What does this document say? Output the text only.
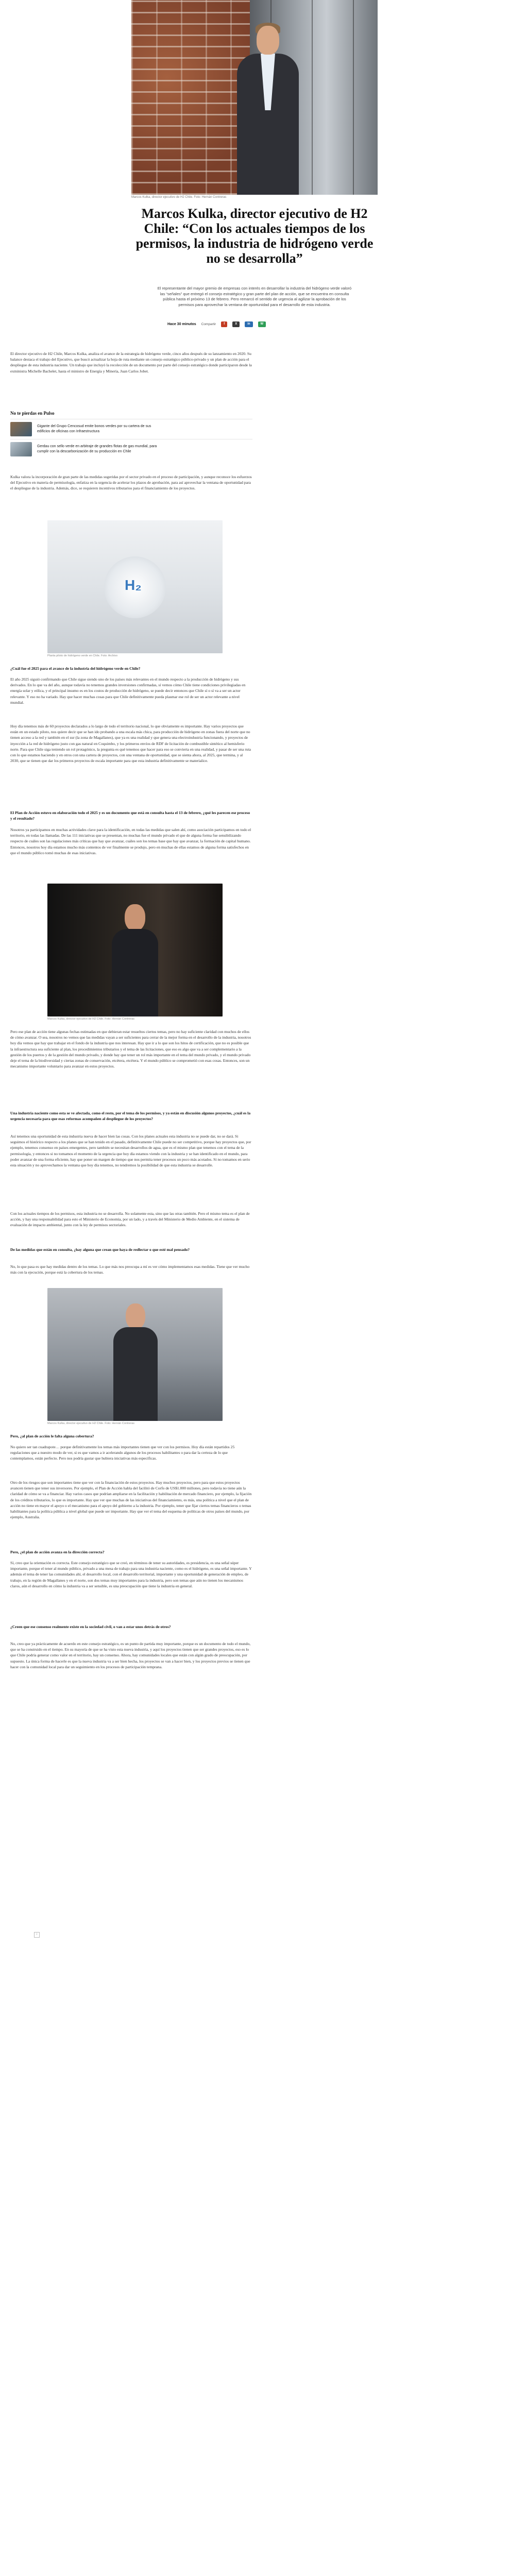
Marcos Kulka, director ejecutivo de H2 Chile. Foto: Hernán Contreras
Marcos Kulka, director ejecutivo de H2 Chile: “Con los actuales tiempos de los permisos, la industria de hidrógeno verde no se desarrolla”

El representante del mayor gremio de empresas con interés en desarrollar la industria del hidrógeno verde valoró las “señales” que entregó el consejo estratégico y gran parte del plan de acción, que se encuentra en consulta pública hasta el próximo 13 de febrero. Pero remarcó el sentido de urgencia al agilizar la aprobación de los permisos para aprovechar la ventana de oportunidad para el desarrollo de esta industria.

Hace 30 minutos Compartir	f	X	in	W

El director ejecutivo de H2 Chile, Marcos Kulka, analiza el avance de la estrategia de hidrógeno verde, cinco años después de su lanzamiento en 2020. Su balance destaca el trabajo del Ejecutivo, que buscó actualizar la hoja de ruta mediante un consejo estratégico público-privado y un plan de acción para el despliegue de esta industria naciente. Un trabajo que incluyó la recolección de un documento por parte del consejo estratégico donde participaron desde la exministra Michelle Bachelet, hasta el ministro de Energía y Minería, Juan Carlos Jobet.

No te pierdas en Pulso
Gigante del Grupo Cencosud emite bonos verdes por su cartera de sus edificios de oficinas con Infraestructura
Gerdau con sello verde en arbitraje de grandes flotas de gas mundial, para cumplir con la descarbonización de su producción en Chile

Kulka valora la incorporación de gran parte de las medidas sugeridas por el sector privado en el proceso de participación, y aunque reconoce los esfuerzos del Ejecutivo en materia de permisología, enfatiza en la urgencia de acelerar los plazos de aprobación, para así aprovechar la ventana de oportunidad para el despliegue de la industria. Además, dice, se requieren incentivos tributarios para el financiamiento de los proyectos.

H₂
Planta piloto de hidrógeno verde en Chile. Foto: Archivo

¿Cuál fue el 2025 para el avance de la industria del hidrógeno verde en Chile?

El año 2025 siguió confirmando que Chile sigue siendo uno de los países más relevantes en el mundo respecto a la producción de hidrógeno y sus derivados. En lo que va del año, aunque todavía no tenemos grandes inversiones confirmadas, sí vemos cómo Chile tiene condiciones privilegiadas en energía solar y eólica, y el principal insumo es en los costos de producción de hidrógeno, se puede decir entonces que Chile sí o sí va a ser un actor relevante. Y eso no ha variado. Hay que hacer muchas cosas para que Chile definitivamente pueda plasmar ese rol de ser un actor relevante a nivel mundial.

Hoy día tenemos más de 60 proyectos declarados a lo largo de todo el territorio nacional, lo que obviamente es importante. Hay varios proyectos que están en un estado piloto, nos quiere decir que se han ido probando a una escala más chica, para producción de hidrógeno en zonas fuera del norte que no tienen acceso a la red y también en el sur (la zona de Magallanes), que ya es una realidad y que genera una electroindustria funcionando, y proyectos de inyección a la red de hidrógeno justo con gas natural en Coquimbo, y los primeros envíos de RDF de licitación de combustible sintético al hemisferio norte. Para que Chile siga teniendo un rol protagónico, la pregunta es qué tenemos que hacer para eso se convierta en una realidad, y pasar de ser una ruta con lo que estamos haciendo y en otros con una cartera de proyectos, con una ventana de oportunidad, que se sienta ahora, al 2025, que termina, y al 2030, que se tienen que dar los primeros proyectos de escala importante para que esta industria definitivamente se materialice.

El Plan de Acción estuvo en elaboración todo el 2025 y es un documento que está en consulta hasta el 13 de febrero, ¿qué les parecen ese proceso y el resultado?

Nosotros ya participamos en muchas actividades clave para la identificación, en todas las medidas que salen ahí, como asociación participamos en todo el territorio, en todas las llamadas. De las 111 iniciativas que se presentan, no muchas fue el mundo privado el que de alguna forma fue sensibilizando respecto de cuáles son las regulaciones más críticas que hay que avanzar, cuáles son los temas base que hay que avanzar, la formación de capital humano. Entonces, nosotros hoy día estamos mucho más contentos de ver finalmente se produjo, pero en muchas de ellas estamos de alguna forma satisfechos en que el mundo público tomó muchas de esas iniciativas.

Marcos Kulka, director ejecutivo de H2 Chile. Foto: Hernán Contreras

Pero ese plan de acción tiene algunas fechas estimadas en que debieran estar resueltos ciertos temas, pero no hay suficiente claridad con muchos de ellos de cómo avanzar. O sea, nosotros no vemos que las medidas vayan a ser suficientes para cerrar de la mejor forma en el desarrollo de la industria, nosotros hoy día vemos que hay que trabajar en el fondo de la industria que nos interesan. Hay que ir a lo que son los hitos de certificación, que no es posible que la infraestructura sea suficiente al plan, los procedimientos tributarios y el tema de las licitaciones, que eso es algo que va a ser complementario a la gestión de los puertos y de la gestión del mundo privado, y donde hay que tener un rol más importante en el tema del mundo privado, y el mundo privado deje el tema de la biodiversidad y ciertas zonas de conservación, etcétera, etcétera. Y el mundo público se comprometió con esas cosas. Entonces, son un mecanismo importante voluntario para avanzar en estos proyectos.

Una industria naciente como esta se ve afectada, como el resto, por el tema de los permisos, y ya están en discusión algunos proyectos, ¿cuál es la urgencia necesaria para que esas reformas acompañen al despliegue de los proyectos?

Así tenemos una oportunidad de esta industria nueva de hacer bien las cosas. Con los planes actuales esta industria no se puede dar, no se dará. Si seguimos el histórico respecto a los planes que se han tenido en el pasado, definitivamente Chile puede no ser competitivo, porque hay proyectos que, por ejemplo, tenemos consenso en países emergentes, pero también se necesitan desarrollos de agua, que es el mismo plan que tenemos con el tema de la permisología, y entonces si no tomamos el momento de la urgencia que hoy día estamos viendo con la industria y se han identificado en el mundo, para poder avanzar de una forma eficiente, hay que poner un margen de tiempo que nos permita tener procesos un poco más acotados. Si no tomamos en serio esta situación y no aprovechamos la ventana que hoy día tenemos, no tendremos la posibilidad de que esta industria se desarrolle.

i

Con los actuales tiempos de los permisos, esta industria no se desarrolla. No solamente esta, sino que las otras también. Pero el mismo tema es el plan de acción, y hay una responsabilidad para esto el Ministerio de Economía, por un lado, y a través del Ministerio de Medio Ambiente, en el sistema de evaluación de impacto ambiental, junto con la ley de permisos sectoriales.

De las medidas que están en consulta, ¿hay alguna que crean que haya de redlectar o que esté mal pensado?

No, lo que pasa es que hay medidas dentro de los temas. Lo que más nos preocupa a mí es ver cómo implementamos esas medidas. Tiene que ver mucho más con la ejecución, porque está la cobertura de los temas.

Marcos Kulka, director ejecutivo de H2 Chile. Foto: Hernán Contreras

Pero, ¿al plan de acción le falta alguna cobertura?

No quiero ser tan cuadrapote… porque definitivamente los temas más importantes tienen que ver con los permisos. Hoy día están repartidos 25 regulaciones que a nuestro modo de ver, si es que vamos a ir acelerando algunos de los procesos habilitantes o para dar la certeza de lo que contemplamos, están perfecto. Pero nos podría gustar que hubiera iniciativas más específicas.

Otro de los riesgos que son importantes tiene que ver con la financiación de estos proyectos. Hay muchos proyectos, pero para que estos proyectos avancen tienen que tener sus inversores. Por ejemplo, el Plan de Acción habla del facilitó de Corfo de US$1.000 millones, pero todavía no tiene aún la claridad de cómo se va a financiar. Hay varios casos que podrían ampliarse en la facilitación y habilitación de mercado financiero, por ejemplo, la fijación de los créditos tributarios, lo que es importante. Hay que ver que muchas de las iniciativas del financiamiento, es más, una política a nivel que el plan de acción no tiene en mayor el apoyo o el mecanismo para el apoyo del gobierno a la industria. Por ejemplo, tener que fijar ciertos temas financieros o temas habilitantes para la política pública a nivel global que puede ser importante. Hay que ver el tema del esquema de políticas de otros países del mundo, por ejemplo, Australia.

Pero, ¿el plan de acción avanza en la dirección correcta?

Sí, creo que la orientación es correcta. Este consejo estratégico que se creó, en términos de tener su autoridades, es presidencia, es una señal súper importante, porque el tener al mundo público, privado a una mesa de trabajo para una industria naciente, como es el hidrógeno, es una señal importante. Y además el tema de tener las comunidades ahí, el desarrollo local, con el desarrollo territorial, importante y una oportunidad de generación de empleo, de trabajo, en la región de Magallanes y en el norte, son dos temas muy importantes para la industria, pero son temas que aún no tienen los mecanismos claros, aún el desarrollo en cómo la industria va a ser sensible, es una preocupación que tiene la industria en general.

¿Creen que ese consenso realmente existe en la sociedad civil, o van a estar unos detrás de otros?

No, creo que ya prácticamente de acuerdo en este consejo estratégico, es un punto de partida muy importante, porque es un documento de todo el mundo, que se ha construido en el tiempo. En su mayoría de que se ha visto esta nueva industria, y aquí los proyectos tienen que ser grandes proyectos, eso es lo que Chile podría generar como valor en el territorio, hay un consenso. Ahora, hay comunidades locales que están con algún grado de preocupación, por supuesto. La única forma de hacerle es que la nueva industria va a ser bien hecha, los proyectos se van a hacer bien, y los proyectos previos se tienen que hacer con la comunidad local para dar un seguimiento en los procesos de participación temprana.
